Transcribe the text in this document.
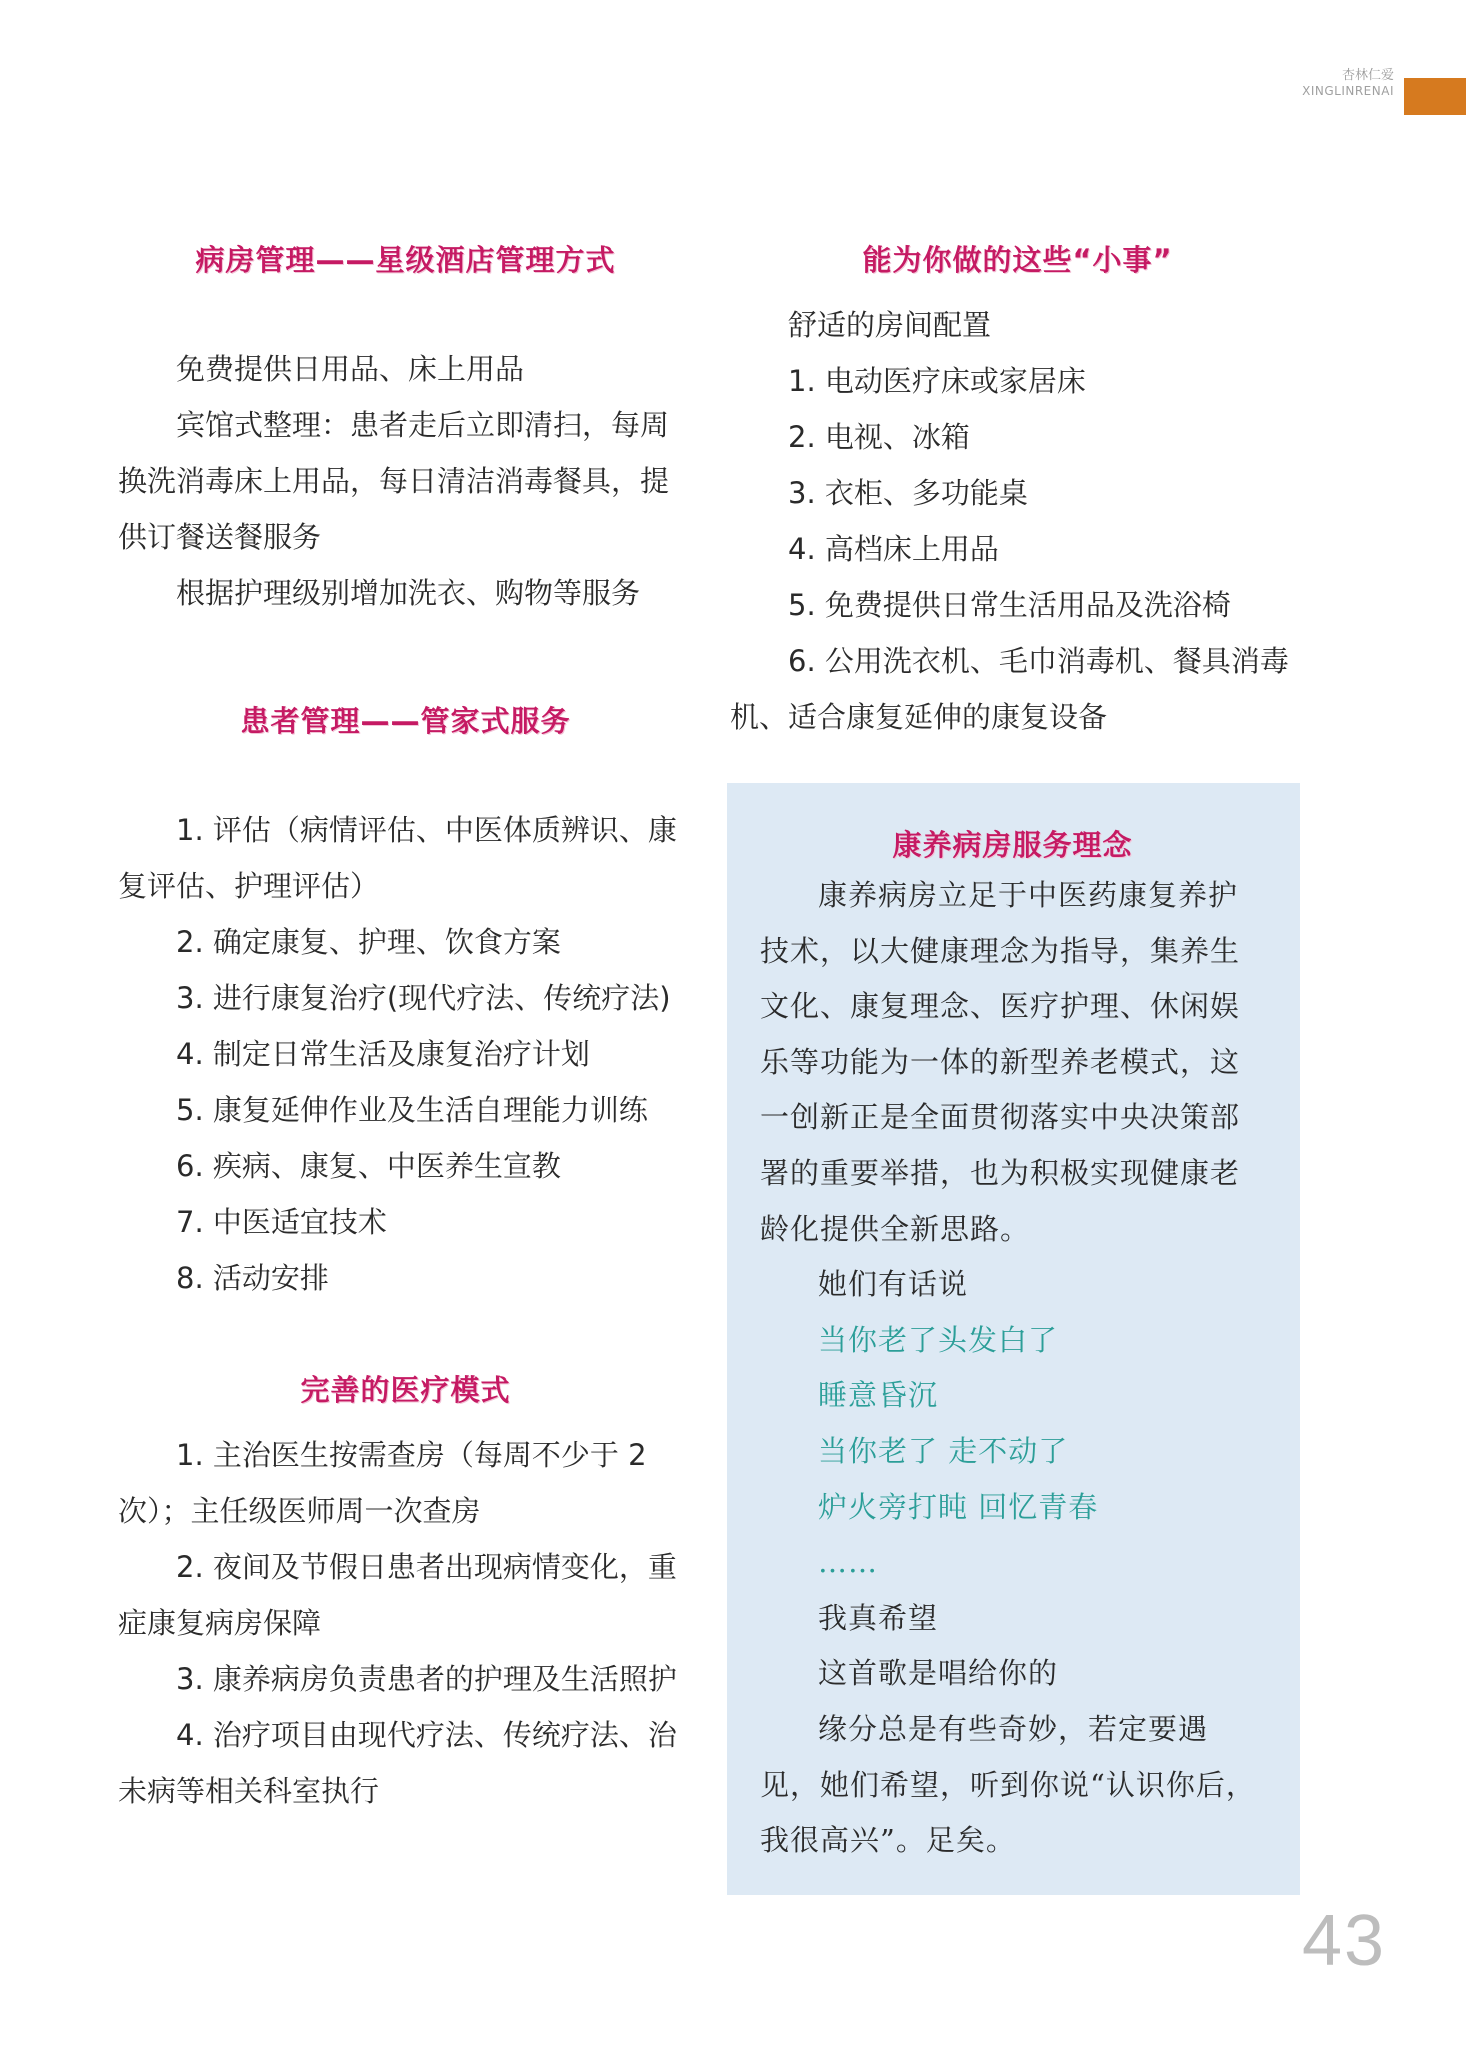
杏林仁爱
XINGLINRENAI
病房管理——星级酒店管理方式

免费提供日用品、床上用品

宾馆式整理：患者走后立即清扫，每周换洗消毒床上用品，每日清洁消毒餐具，提供订餐送餐服务

根据护理级别增加洗衣、购物等服务

患者管理——管家式服务

1. 评估（病情评估、中医体质辨识、康复评估、护理评估）

2. 确定康复、护理、饮食方案

3. 进行康复治疗(现代疗法、传统疗法)

4. 制定日常生活及康复治疗计划

5. 康复延伸作业及生活自理能力训练

6. 疾病、康复、中医养生宣教

7. 中医适宜技术

8. 活动安排

完善的医疗模式

1. 主治医生按需查房（每周不少于 2 次）；主任级医师周一次查房

2. 夜间及节假日患者出现病情变化，重症康复病房保障

3. 康养病房负责患者的护理及生活照护

4. 治疗项目由现代疗法、传统疗法、治未病等相关科室执行

能为你做的这些“小事”

舒适的房间配置

1. 电动医疗床或家居床

2. 电视、冰箱

3. 衣柜、多功能桌

4. 高档床上用品

5. 免费提供日常生活用品及洗浴椅

6. 公用洗衣机、毛巾消毒机、餐具消毒机、适合康复延伸的康复设备

康养病房服务理念

康养病房立足于中医药康复养护技术，以大健康理念为指导，集养生文化、康复理念、医疗护理、休闲娱乐等功能为一体的新型养老模式，这一创新正是全面贯彻落实中央决策部署的重要举措，也为积极实现健康老龄化提供全新思路。

她们有话说

当你老了头发白了

睡意昏沉

当你老了 走不动了

炉火旁打盹 回忆青春

……

我真希望

这首歌是唱给你的

缘分总是有些奇妙，若定要遇见，她们希望，听到你说“认识你后，我很高兴”。足矣。

43
